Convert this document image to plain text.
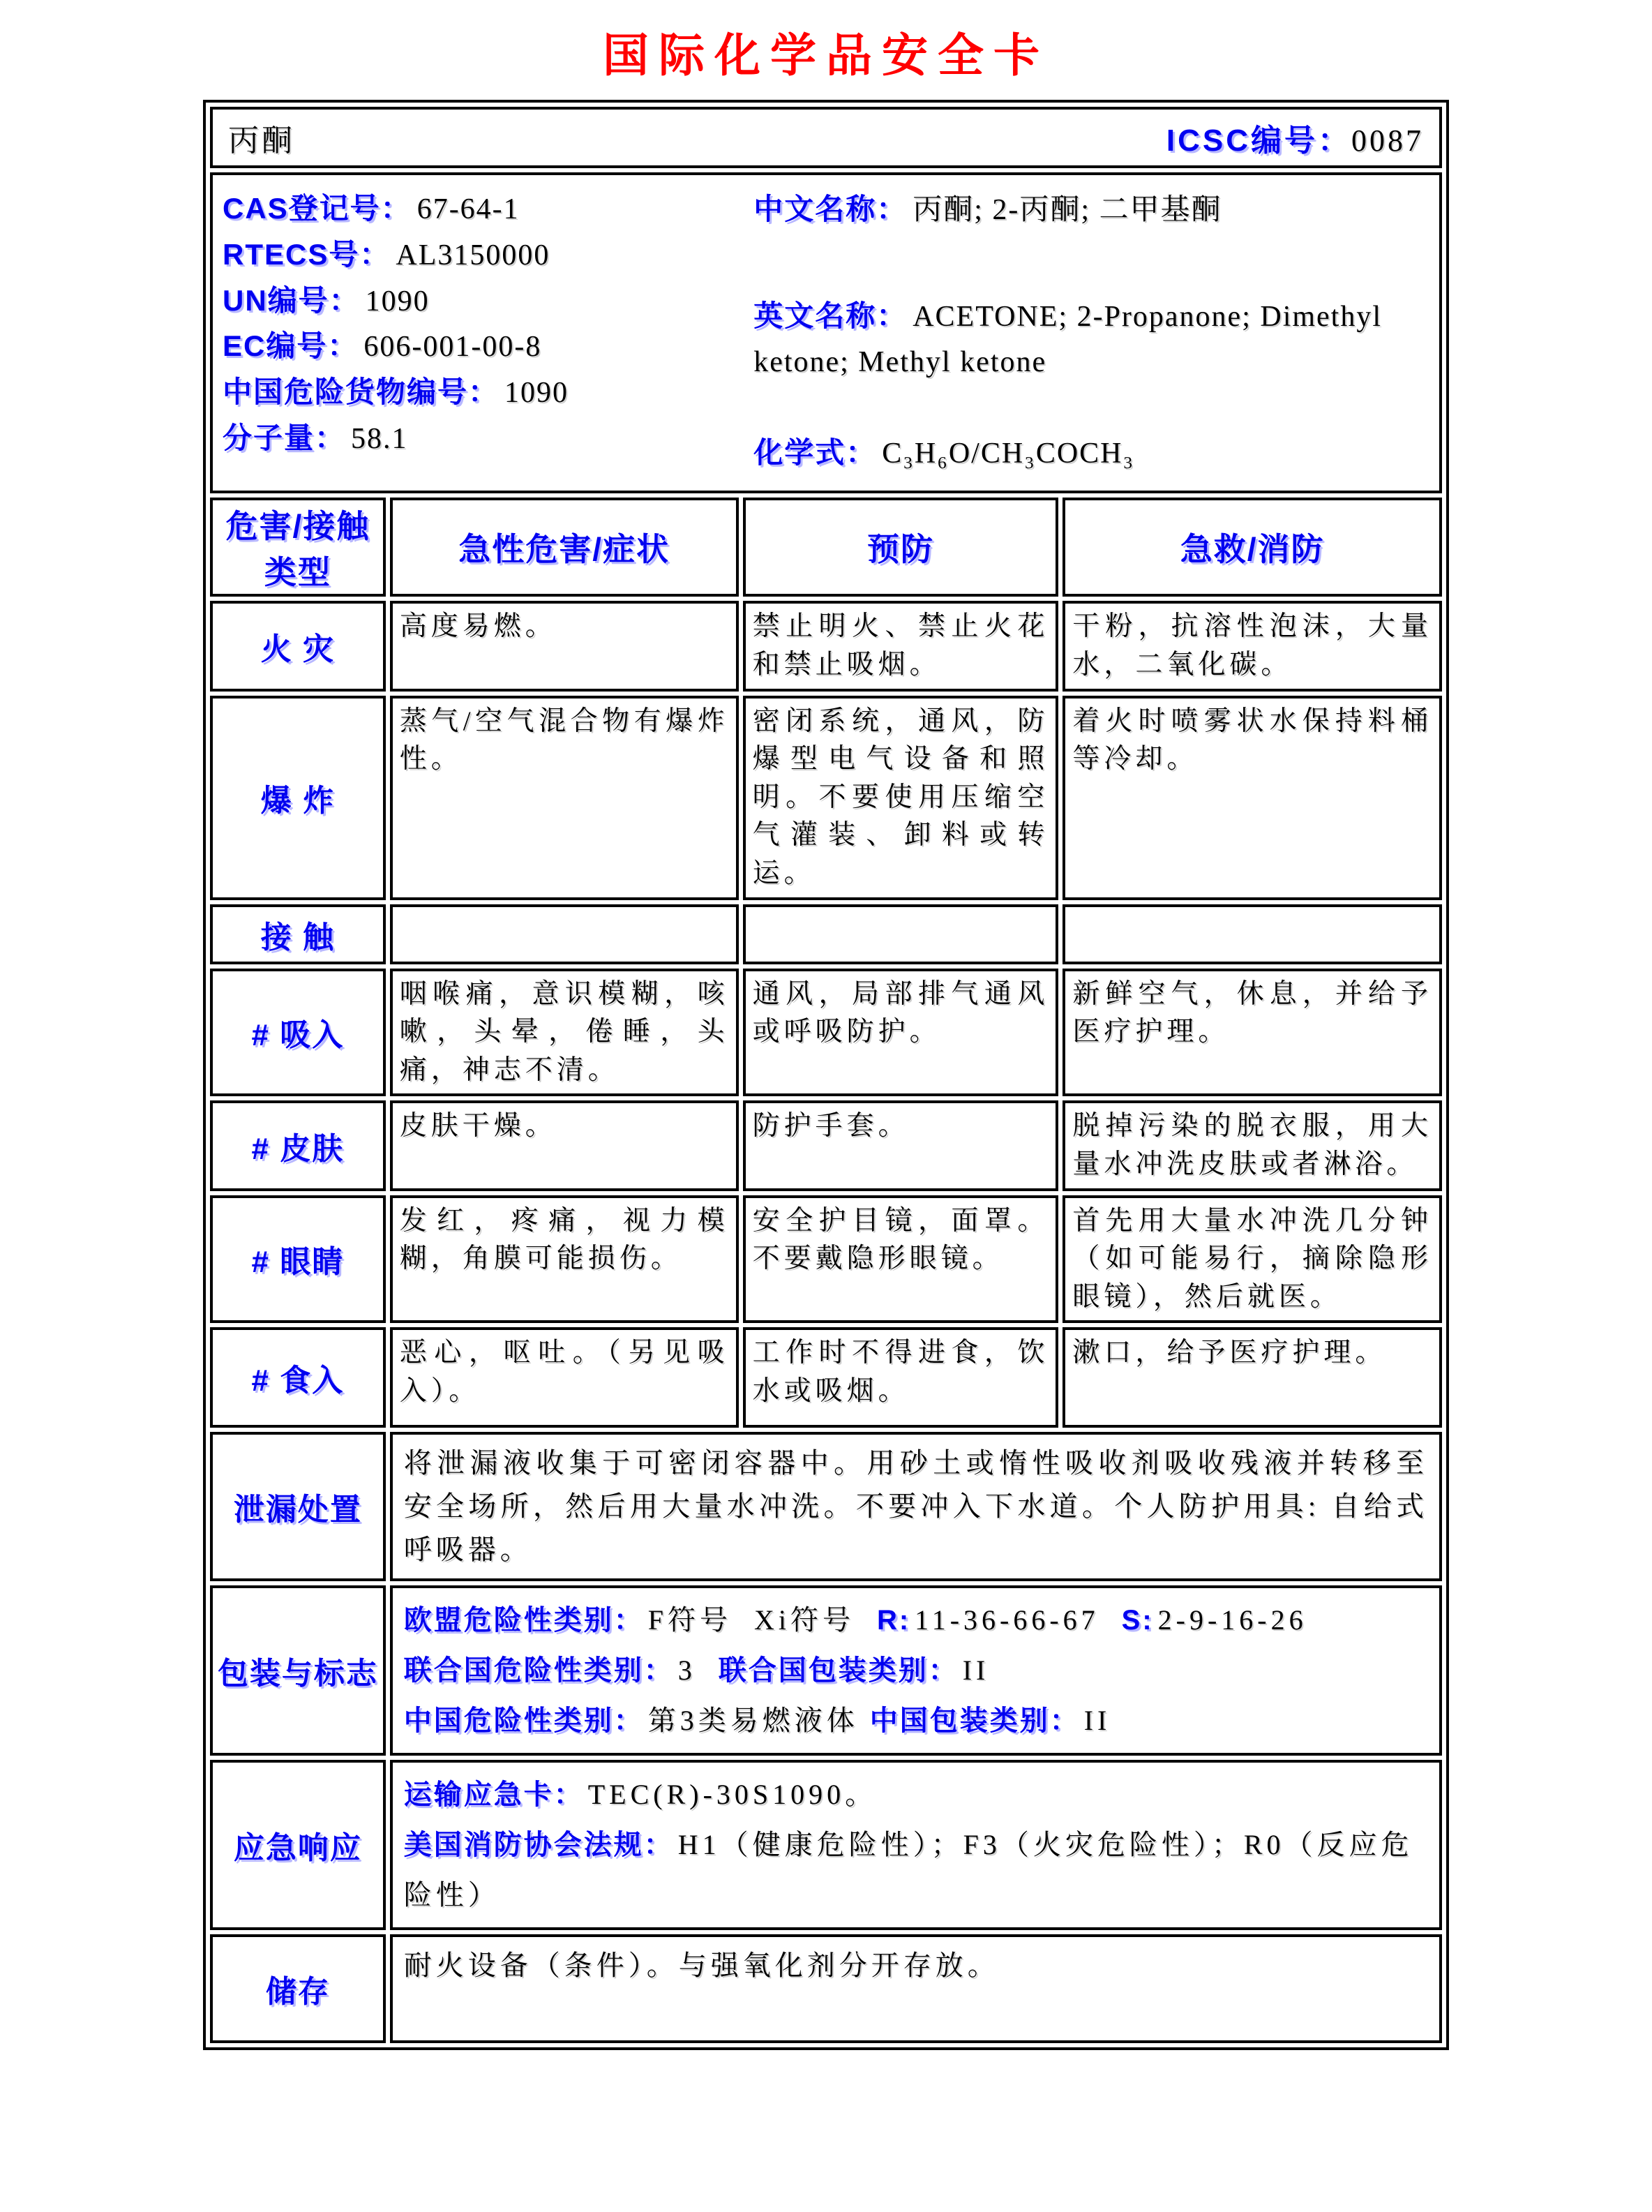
国际化学品安全卡
丙酮 ICSC编号：0087			

CAS登记号： 67-64-1

RTECS号： AL3150000

UN编号： 1090

EC编号： 606-001-00-8

中国危险货物编号： 1090

分子量： 58.1

中文名称： 丙酮; 2-丙酮; 二甲基酮

英文名称： ACETONE; 2-Propanone; Dimethyl ketone; Methyl ketone

化学式： C₃H₆O/CH₃COCH₃

危害/接触类型	急性危害/症状	预防	急救/消防
火 灾	高度易燃。	禁止明火、禁止火花和禁止吸烟。	干粉，抗溶性泡沫，大量水，二氧化碳。
爆 炸	蒸气/空气混合物有爆炸性。	密闭系统，通风，防爆型电气设备和照明。不要使用压缩空气灌装、卸料或转运。	着火时喷雾状水保持料桶等冷却。
接 触			
# 吸入	咽喉痛，意识模糊，咳嗽，头晕，倦睡，头痛，神志不清。	通风，局部排气通风或呼吸防护。	新鲜空气，休息，并给予医疗护理。
# 皮肤	皮肤干燥。	防护手套。	脱掉污染的脱衣服，用大量水冲洗皮肤或者淋浴。
# 眼睛	发红，疼痛，视力模糊，角膜可能损伤。	安全护目镜，面罩。不要戴隐形眼镜。	首先用大量水冲洗几分钟（如可能易行，摘除隐形眼镜），然后就医。
# 食入	恶心，呕吐。（另见吸入）。	工作时不得进食，饮水或吸烟。	漱口，给予医疗护理。
泄漏处置	将泄漏液收集于可密闭容器中。用砂土或惰性吸收剂吸收残液并转移至安全场所，然后用大量水冲洗。不要冲入下水道。个人防护用具: 自给式呼吸器。		
包装与标志	欧盟危险性类别： F符号  Xi符号  R: 11-36-66-67  S: 2-9-16-26

联合国危险性类别： 3  联合国包装类别： II

中国危险性类别： 第3类易燃液体 中国包装类别： II		

应急响应	运输应急卡： TEC(R)-30S1090。

美国消防协会法规： H1（健康危险性）；F3（火灾危险性）；R0（反应危险性）		

储存	耐火设备（条件）。与强氧化剂分开存放。		
